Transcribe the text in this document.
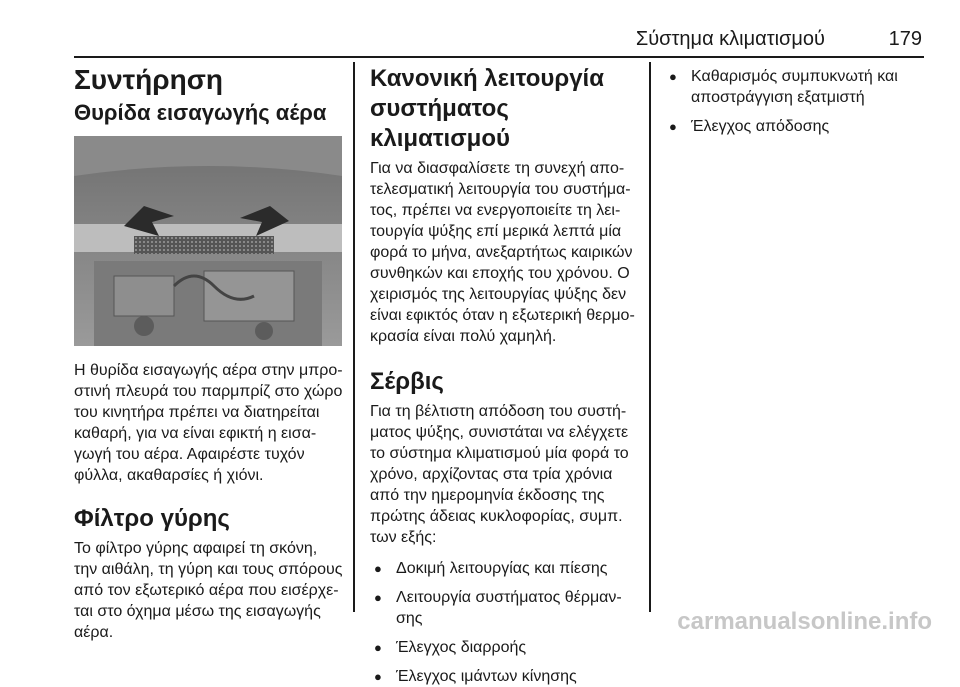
Σύστημα κλιματισμού	179
Συντήρηση
Θυρίδα εισαγωγής αέρα

Η θυρίδα εισαγωγής αέρα στην μπρο- στινή πλευρά του παρμπρίζ στο χώρο του κινητήρα πρέπει να διατηρείται καθαρή, για να είναι εφικτή η εισα- γωγή του αέρα. Αφαιρέστε τυχόν φύλλα, ακαθαρσίες ή χιόνι.

Φίλτρο γύρης

Το φίλτρο γύρης αφαιρεί τη σκόνη, την αιθάλη, τη γύρη και τους σπόρους από τον εξωτερικό αέρα που εισέρχε- ται στο όχημα μέσω της εισαγωγής αέρα.

Κανονική λειτουργία συστήματος κλιματισμού

Για να διασφαλίσετε τη συνεχή απο- τελεσματική λειτουργία του συστήμα- τος, πρέπει να ενεργοποιείτε τη λει- τουργία ψύξης επί μερικά λεπτά μία φορά το μήνα, ανεξαρτήτως καιρικών συνθηκών και εποχής του χρόνου. Ο χειρισμός της λειτουργίας ψύξης δεν είναι εφικτός όταν η εξωτερική θερμο- κρασία είναι πολύ χαμηλή.

Σέρβις

Για τη βέλτιστη απόδοση του συστή- ματος ψύξης, συνιστάται να ελέγχετε το σύστημα κλιματισμού μία φορά το χρόνο, αρχίζοντας στα τρία χρόνια από την ημερομηνία έκδοσης της πρώτης άδειας κυκλοφορίας, συμπ. των εξής:

● Δοκιμή λειτουργίας και πίεσης
● Λειτουργία συστήματος θέρμαν- σης
● Έλεγχος διαρροής
● Έλεγχος ιμάντων κίνησης
● Καθαρισμός συμπυκνωτή και αποστράγγιση εξατμιστή
● Έλεγχος απόδοσης
carmanualsonline.info
